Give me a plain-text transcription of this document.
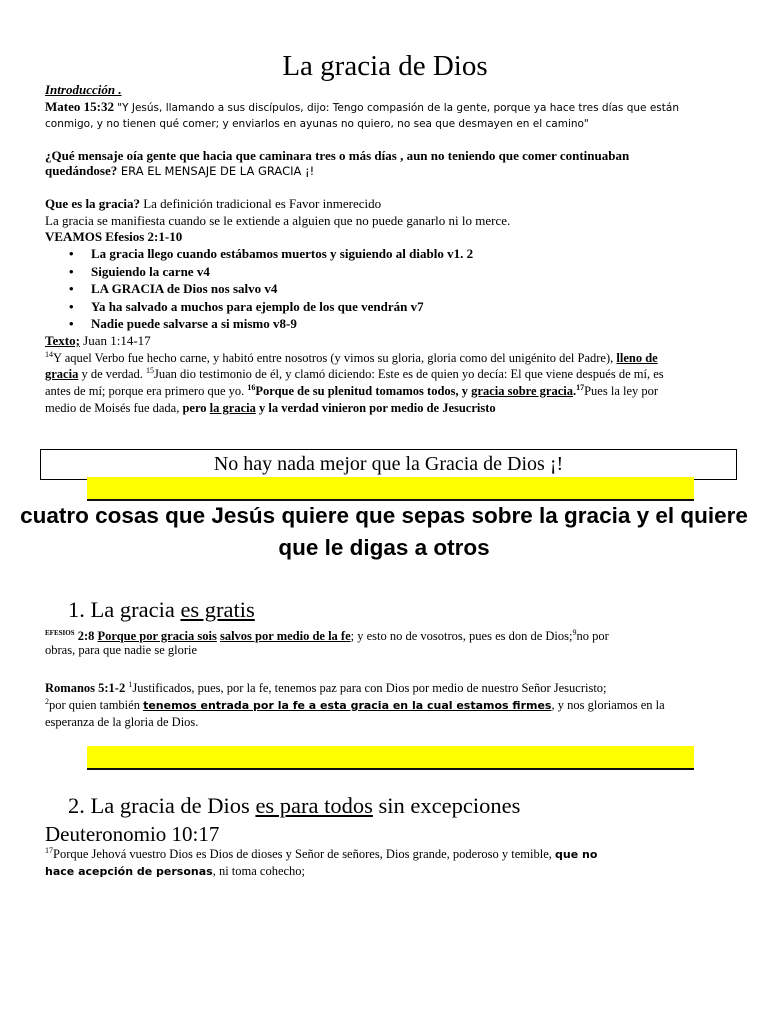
La gracia de Dios
Introducción .
Mateo 15:32 "Y Jesús, llamando a sus discípulos, dijo: Tengo compasión de la gente, porque ya hace tres días que están
conmigo, y no tienen qué comer; y enviarlos en ayunas no quiero, no sea que desmayen en el camino"
¿Qué mensaje oía gente que hacia que caminara tres o más días , aun no teniendo que comer continuaban
quedándose? ERA EL MENSAJE DE LA GRACIA ¡!
Que es la gracia? La definición tradicional es Favor inmerecido
La gracia se manifiesta cuando se le extiende a alguien que no puede ganarlo ni lo merce.
VEAMOS Efesios 2:1-10
• La gracia llego cuando estábamos muertos y siguiendo al diablo v1. 2
• Siguiendo la carne v4
• LA GRACIA de Dios nos salvo v4
• Ya ha salvado a muchos para ejemplo de los que vendrán v7
• Nadie puede salvarse a si mismo v8-9
Texto; Juan 1:14-17
$^{14}$Y aquel Verbo fue hecho carne, y habitó entre nosotros (y vimos su gloria, gloria como del unigénito del Padre), lleno de
gracia y de verdad. $^{15}$Juan dio testimonio de él, y clamó diciendo: Este es de quien yo decía: El que viene después de mí, es
antes de mí; porque era primero que yo. $^{16}$Porque de su plenitud tomamos todos, y gracia sobre gracia.$^{17}$Pues la ley por
medio de Moisés fue dada, pero la gracia y la verdad vinieron por medio de Jesucristo
No hay nada mejor que la Gracia de Dios ¡!
cuatro cosas que Jesús quiere que sepas sobre la gracia y el quiere que le digas a otros
1. La gracia es gratis
$^{EFESIOS}$ 2:8 Porque por gracia sois salvos por medio de la fe; y esto no de vosotros, pues es don de Dios;$^9$no por
obras, para que nadie se glorie
Romanos 5:1-2 $^1$Justificados, pues, por la fe, tenemos paz para con Dios por medio de nuestro Señor Jesucristo;
$^2$por quien también tenemos entrada por la fe a esta gracia en la cual estamos firmes, y nos gloriamos en la
esperanza de la gloria de Dios.
2. La gracia de Dios es para todos sin excepciones
Deuteronomio 10:17
$^{17}$Porque Jehová vuestro Dios es Dios de dioses y Señor de señores, Dios grande, poderoso y temible, que no
hace acepción de personas, ni toma cohecho;
